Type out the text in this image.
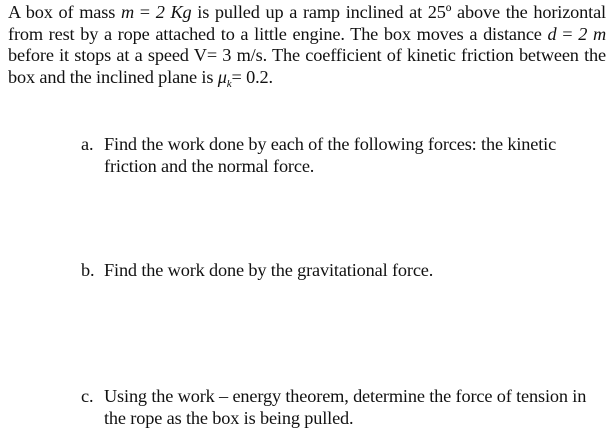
A box of mass m = 2 Kg is pulled up a ramp inclined at 25º above the horizontal
from rest by a rope attached to a little engine. The box moves a distance d = 2 m
before it stops at a speed V= 3 m/s. The coefficient of kinetic friction between the
box and the inclined plane is $\mu_k= 0.2$.
a. Find the work done by each of the following forces: the kinetic
friction and the normal force.
b. Find the work done by the gravitational force.
c. Using the work – energy theorem, determine the force of tension in
the rope as the box is being pulled.
